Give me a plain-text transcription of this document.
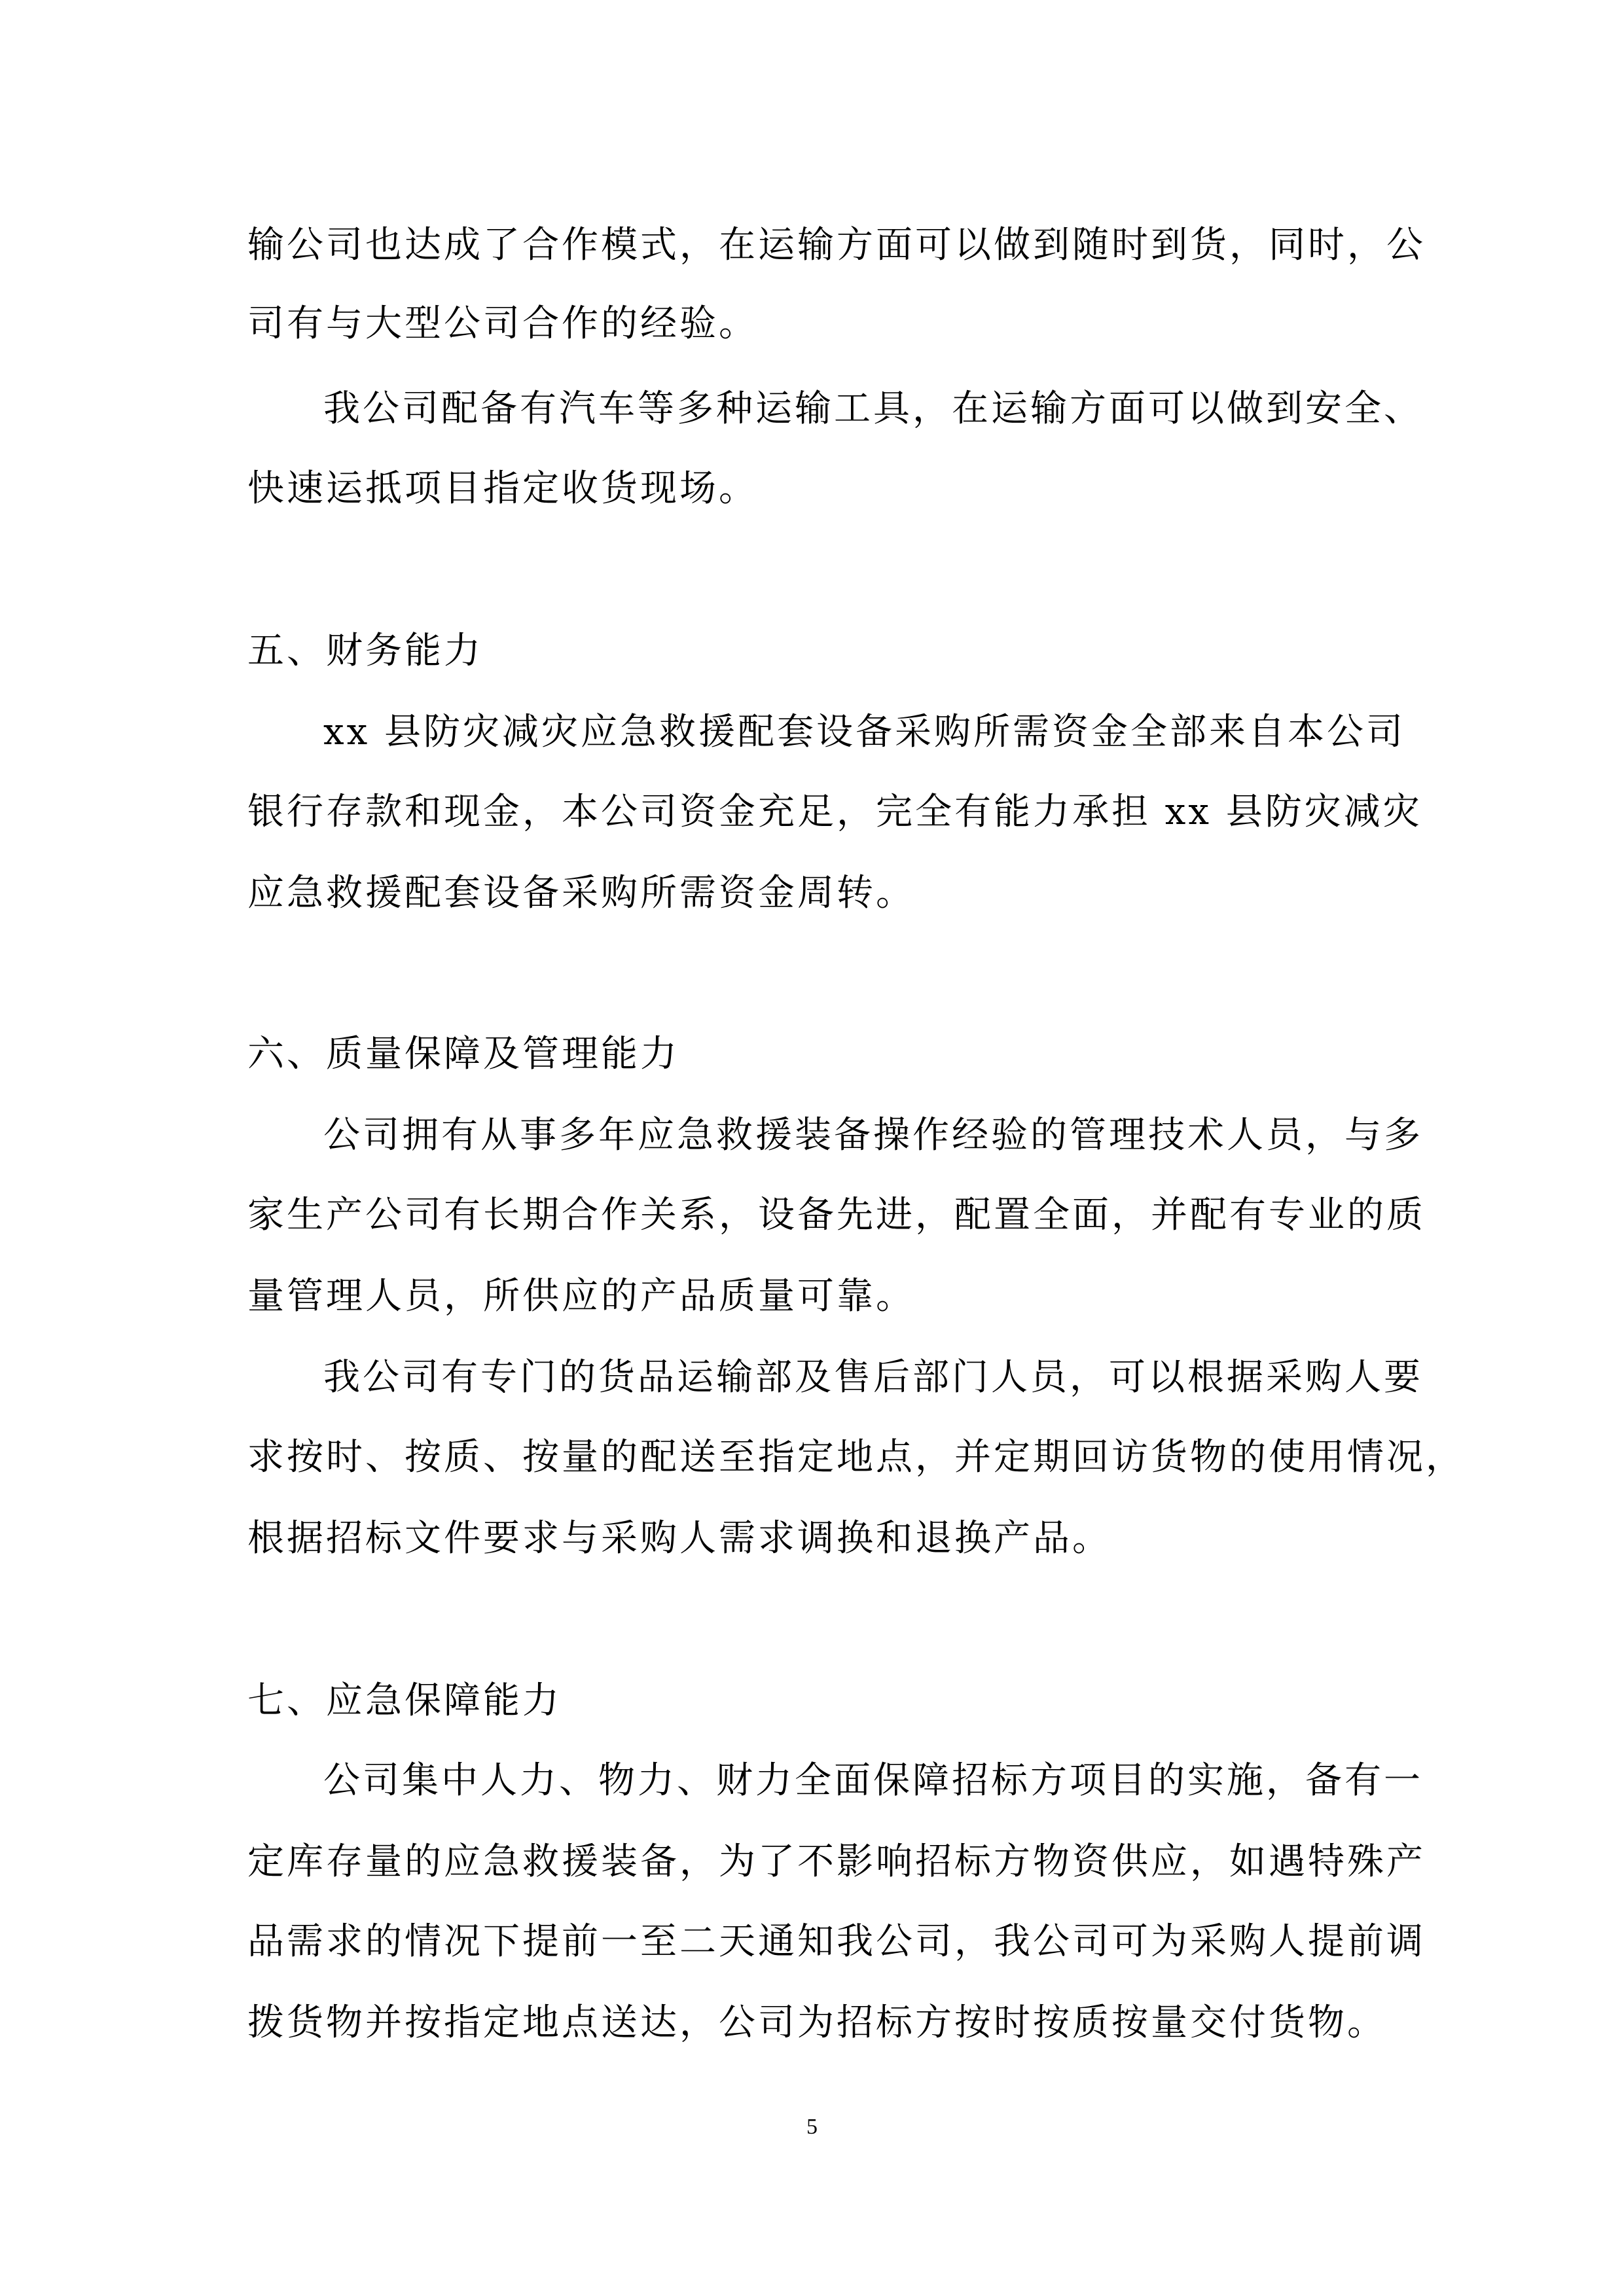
输公司也达成了合作模式，在运输方面可以做到随时到货，同时，公

司有与大型公司合作的经验。

我公司配备有汽车等多种运输工具，在运输方面可以做到安全、

快速运抵项目指定收货现场。

五、财务能力

xx 县防灾减灾应急救援配套设备采购所需资金全部来自本公司

银行存款和现金，本公司资金充足，完全有能力承担 xx 县防灾减灾

应急救援配套设备采购所需资金周转。

六、质量保障及管理能力

公司拥有从事多年应急救援装备操作经验的管理技术人员，与多

家生产公司有长期合作关系，设备先进，配置全面，并配有专业的质

量管理人员，所供应的产品质量可靠。

我公司有专门的货品运输部及售后部门人员，可以根据采购人要

求按时、按质、按量的配送至指定地点，并定期回访货物的使用情况，

根据招标文件要求与采购人需求调换和退换产品。

七、应急保障能力

公司集中人力、物力、财力全面保障招标方项目的实施，备有一

定库存量的应急救援装备，为了不影响招标方物资供应，如遇特殊产

品需求的情况下提前一至二天通知我公司，我公司可为采购人提前调

拨货物并按指定地点送达，公司为招标方按时按质按量交付货物。

5
